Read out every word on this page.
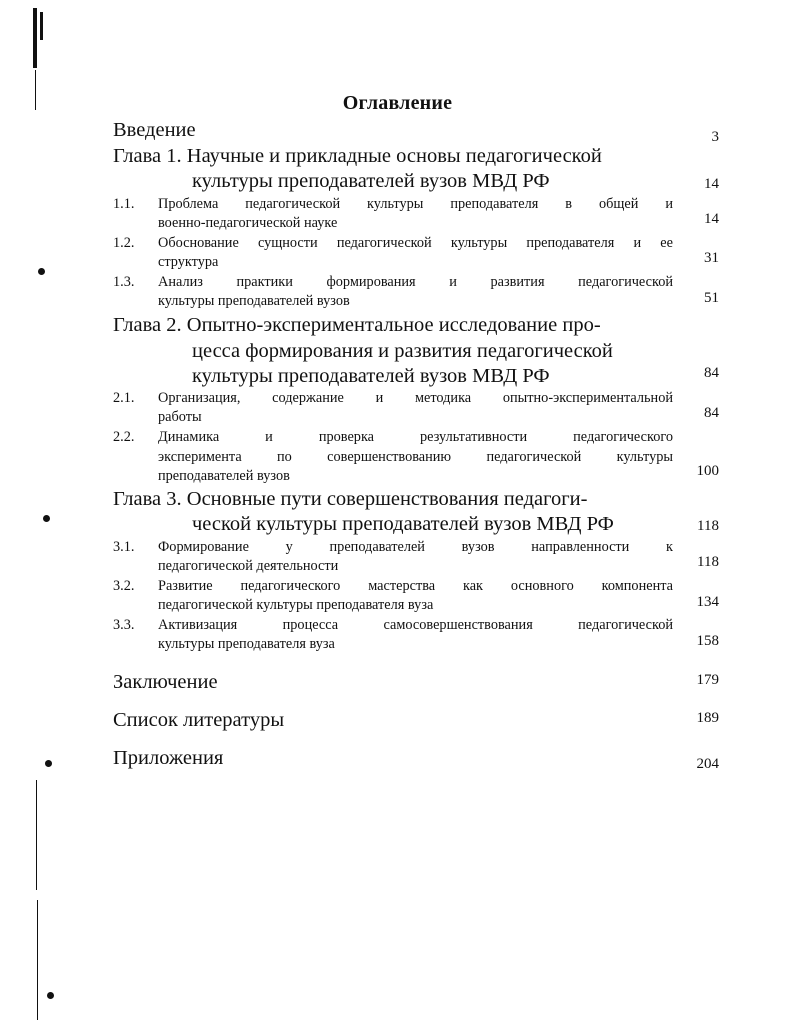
Оглавление
Введение	3
Глава 1. Научные и прикладные основы педагогической
культуры преподавателей вузов МВД РФ	14
1.1. Проблема педагогической культуры преподавателя в общей и
военно-педагогической науке	14
1.2. Обоснование сущности педагогической культуры преподавателя и ее
структура	31
1.3. Анализ практики формирования и развития педагогической
культуры преподавателей вузов	51
Глава 2. Опытно-экспериментальное исследование про-
цесса формирования и развития педагогической
культуры преподавателей вузов МВД РФ	84
2.1. Организация, содержание и методика опытно-экспериментальной
работы	84
2.2. Динамика и проверка результативности педагогического
эксперимента по совершенствованию педагогической культуры
преподавателей вузов	100
Глава 3. Основные пути совершенствования педагоги-
ческой культуры преподавателей вузов МВД РФ	118
3.1. Формирование у преподавателей вузов направленности к
педагогической деятельности	118
3.2. Развитие педагогического мастерства как основного компонента
педагогической культуры преподавателя вуза	134
3.3. Активизация процесса самосовершенствования педагогической
культуры преподавателя вуза	158
Заключение	179
Список литературы	189
Приложения	204
